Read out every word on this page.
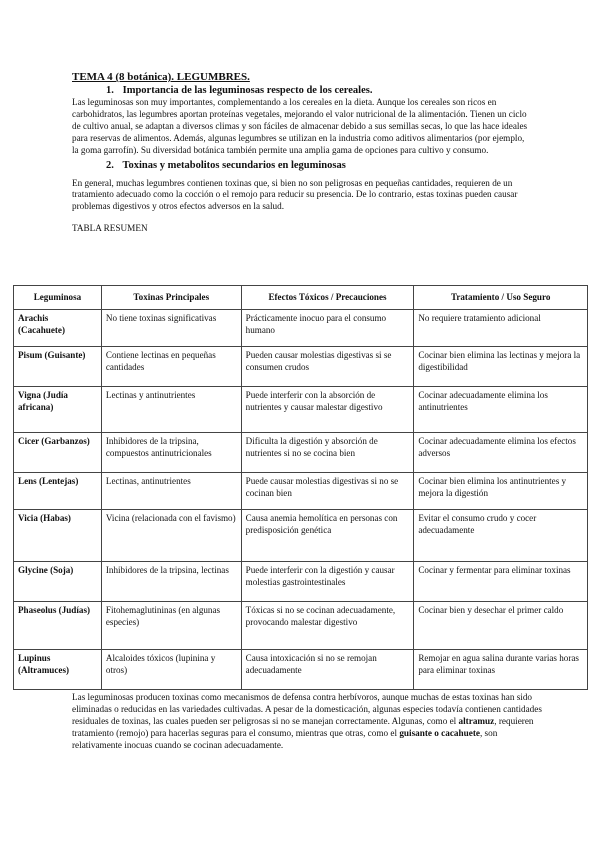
TEMA 4 (8 botánica). LEGUMBRES.
1. Importancia de las leguminosas respecto de los cereales.

Las leguminosas son muy importantes, complementando a los cereales en la dieta. Aunque los cereales son ricos en carbohidratos, las legumbres aportan proteínas vegetales, mejorando el valor nutricional de la alimentación. Tienen un ciclo de cultivo anual, se adaptan a diversos climas y son fáciles de almacenar debido a sus semillas secas, lo que las hace ideales para reservas de alimentos. Además, algunas legumbres se utilizan en la industria como aditivos alimentarios (por ejemplo, la goma garrofín). Su diversidad botánica también permite una amplia gama de opciones para cultivo y consumo.

2. Toxinas y metabolitos secundarios en leguminosas

En general, muchas legumbres contienen toxinas que, si bien no son peligrosas en pequeñas cantidades, requieren de un tratamiento adecuado como la cocción o el remojo para reducir su presencia. De lo contrario, estas toxinas pueden causar problemas digestivos y otros efectos adversos en la salud.

TABLA RESUMEN
Leguminosa	Toxinas Principales	Efectos Tóxicos / Precauciones	Tratamiento / Uso Seguro
Arachis (Cacahuete)	No tiene toxinas significativas	Prácticamente inocuo para el consumo humano	No requiere tratamiento adicional
Pisum (Guisante)	Contiene lectinas en pequeñas cantidades	Pueden causar molestias digestivas si se consumen crudos	Cocinar bien elimina las lectinas y mejora la digestibilidad
Vigna (Judía africana)	Lectinas y antinutrientes	Puede interferir con la absorción de nutrientes y causar malestar digestivo	Cocinar adecuadamente elimina los antinutrientes
Cicer (Garbanzos)	Inhibidores de la tripsina, compuestos antinutricionales	Dificulta la digestión y absorción de nutrientes si no se cocina bien	Cocinar adecuadamente elimina los efectos adversos
Lens (Lentejas)	Lectinas, antinutrientes	Puede causar molestias digestivas si no se cocinan bien	Cocinar bien elimina los antinutrientes y mejora la digestión
Vicia (Habas)	Vicina (relacionada con el favismo)	Causa anemia hemolítica en personas con predisposición genética	Evitar el consumo crudo y cocer adecuadamente
Glycine (Soja)	Inhibidores de la tripsina, lectinas	Puede interferir con la digestión y causar molestias gastrointestinales	Cocinar y fermentar para eliminar toxinas
Phaseolus (Judías)	Fitohemaglutininas (en algunas especies)	Tóxicas si no se cocinan adecuadamente, provocando malestar digestivo	Cocinar bien y desechar el primer caldo
Lupinus (Altramuces)	Alcaloides tóxicos (lupinina y otros)	Causa intoxicación si no se remojan adecuadamente	Remojar en agua salina durante varias horas para eliminar toxinas

Las leguminosas producen toxinas como mecanismos de defensa contra herbívoros, aunque muchas de estas toxinas han sido eliminadas o reducidas en las variedades cultivadas. A pesar de la domesticación, algunas especies todavía contienen cantidades residuales de toxinas, las cuales pueden ser peligrosas si no se manejan correctamente. Algunas, como el altramuz, requieren tratamiento (remojo) para hacerlas seguras para el consumo, mientras que otras, como el guisante o cacahuete, son relativamente inocuas cuando se cocinan adecuadamente.
